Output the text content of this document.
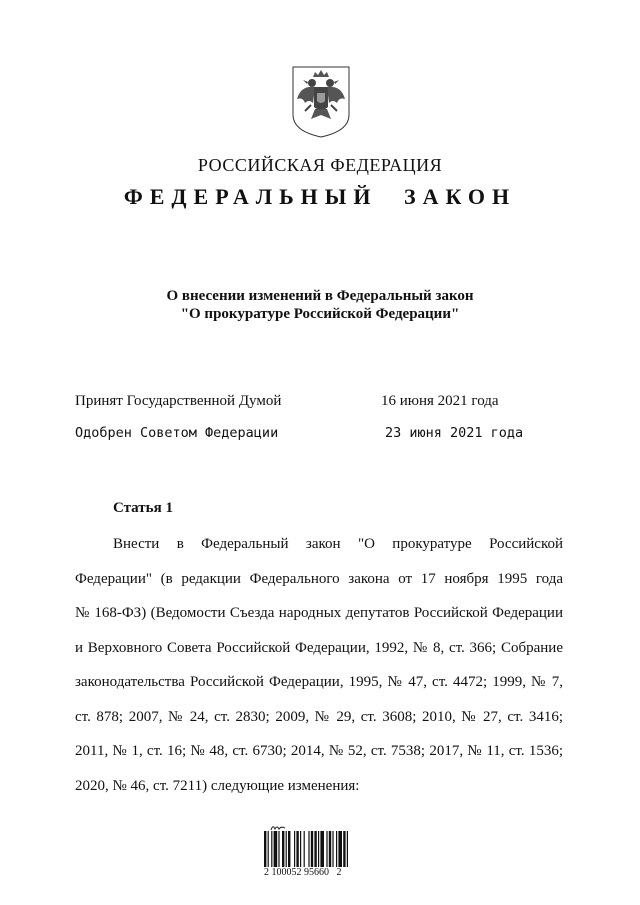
РОССИЙСКАЯ ФЕДЕРАЦИЯ
ФЕДЕРАЛЬНЫЙ ЗАКОН
О внесении изменений в Федеральный закон
"О прокуратуре Российской Федерации"
Принят Государственной Думой	16 июня 2021 года
Одобрен Советом Федерации	23 июня 2021 года
Статья 1
Внести в Федеральный закон "О прокуратуре Российской
Федерации" (в редакции Федерального закона от 17 ноября 1995 года
№ 168-ФЗ) (Ведомости Съезда народных депутатов Российской Федерации
и Верховного Совета Российской Федерации, 1992, № 8, ст. 366; Собрание
законодательства Российской Федерации, 1995, № 47, ст. 4472; 1999, № 7,
ст. 878; 2007, № 24, ст. 2830; 2009, № 29, ст. 3608; 2010, № 27, ст. 3416;
2011, № 1, ст. 16; № 48, ст. 6730; 2014, № 52, ст. 7538; 2017, № 11, ст. 1536;
2020, № 46, ст. 7211) следующие изменения:
2 100052 95660   2
